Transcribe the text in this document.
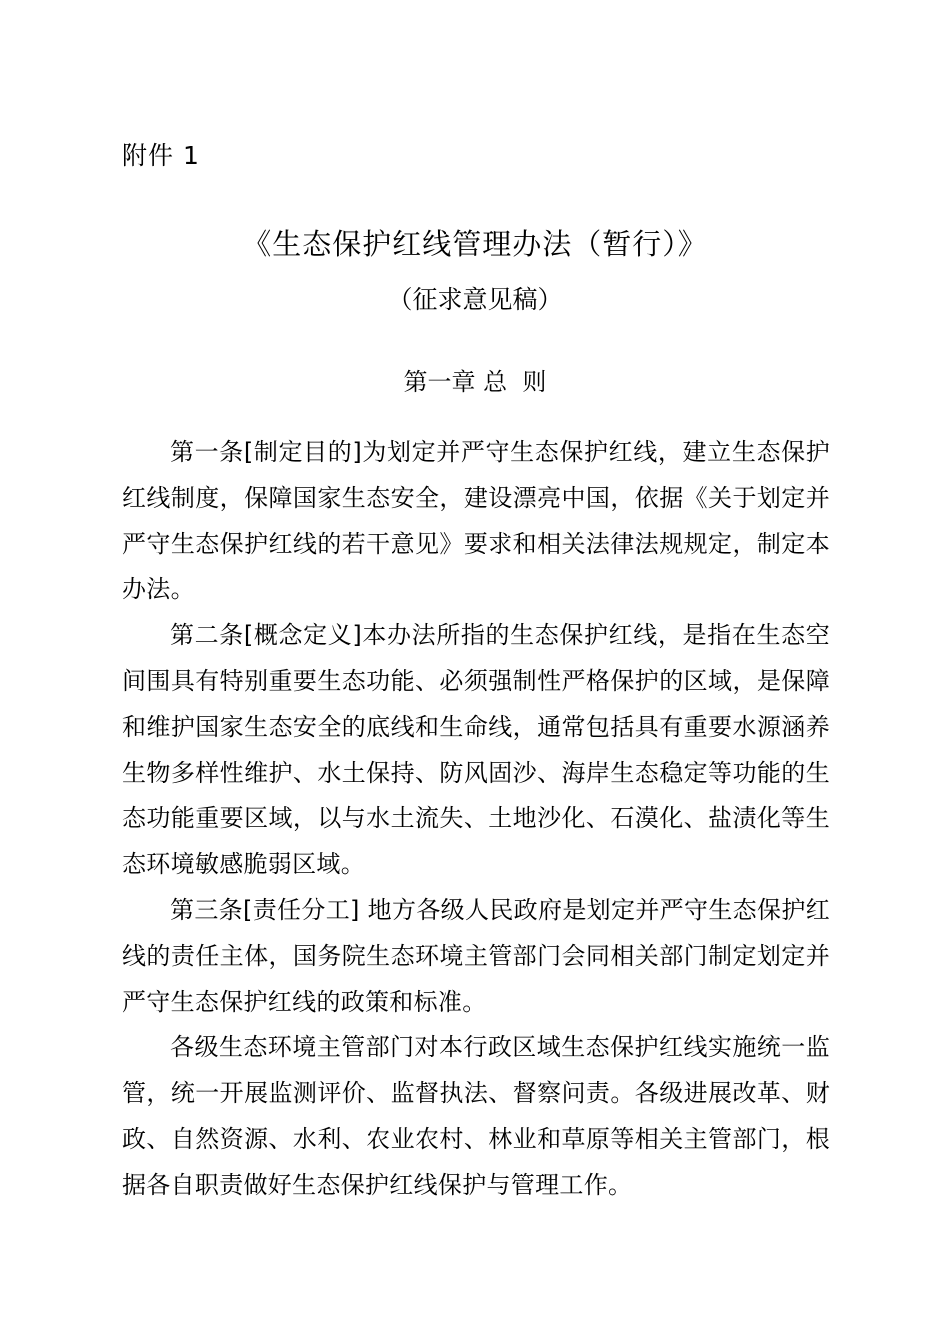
附件 1
《生态保护红线管理办法（暂行）》
（征求意见稿）
第一章 总  则

第一条[制定目的]为划定并严守生态保护红线，建立生态保护红线制度，保障国家生态安全，建设漂亮中国，依据《关于划定并严守生态保护红线的若干意见》要求和相关法律法规规定，制定本办法。

第二条[概念定义]本办法所指的生态保护红线，是指在生态空间围具有特别重要生态功能、必须强制性严格保护的区域，是保障和维护国家生态安全的底线和生命线，通常包括具有重要水源涵养生物多样性维护、水土保持、防风固沙、海岸生态稳定等功能的生态功能重要区域，以与水土流失、土地沙化、石漠化、盐渍化等生态环境敏感脆弱区域。

第三条[责任分工] 地方各级人民政府是划定并严守生态保护红线的责任主体，国务院生态环境主管部门会同相关部门制定划定并严守生态保护红线的政策和标准。

各级生态环境主管部门对本行政区域生态保护红线实施统一监管，统一开展监测评价、监督执法、督察问责。各级进展改革、财政、自然资源、水利、农业农村、林业和草原等相关主管部门，根据各自职责做好生态保护红线保护与管理工作。
